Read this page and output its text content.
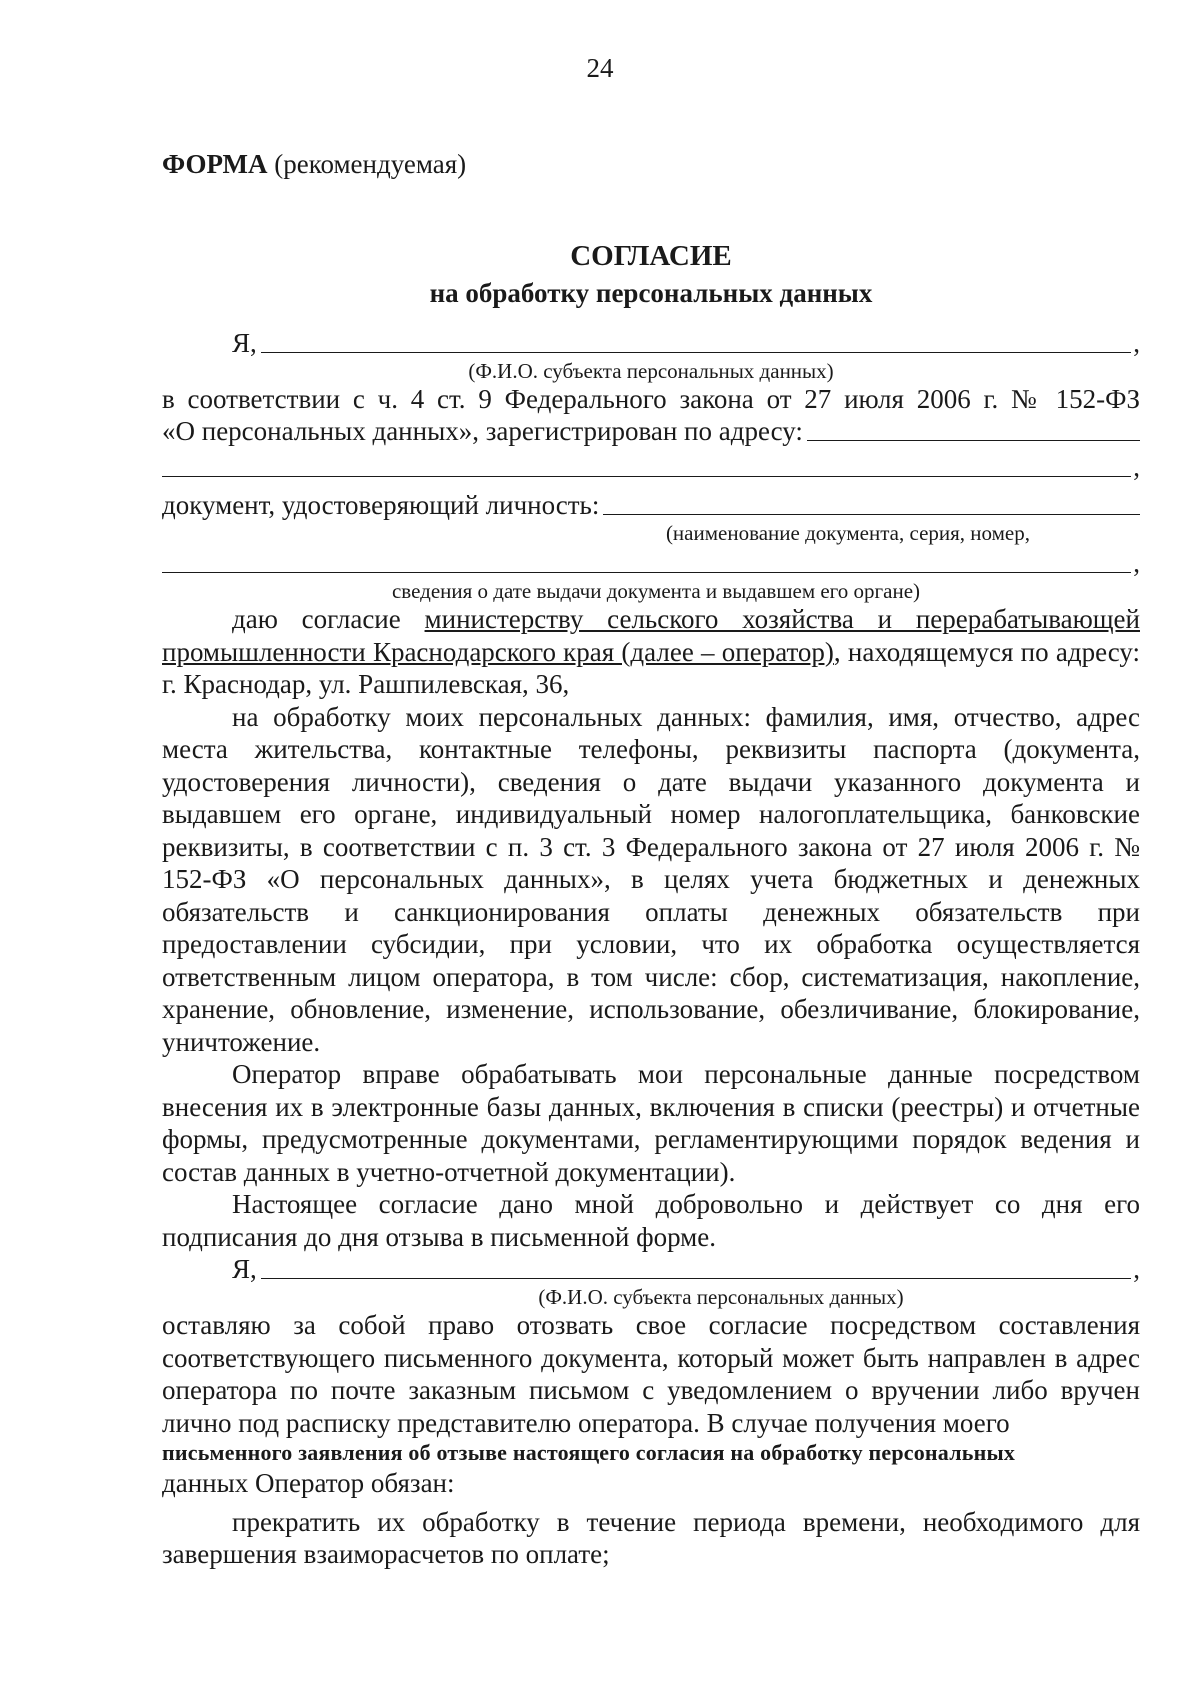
24
ФОРМА (рекомендуемая)
СОГЛАСИЕ
на обработку персональных данных
Я,	,
(Ф.И.О. субъекта персональных данных)
в соответствии с ч. 4 ст. 9 Федерального закона от 27 июля 2006 г. № 152-ФЗ
«О персональных данных», зарегистрирован по адресу:
,
документ, удостоверяющий личность:
(наименование документа, серия, номер,
,
сведения о дате выдачи документа и выдавшем его органе)
даю согласие министерству сельского хозяйства и перерабатывающей промышленности Краснодарского края (далее – оператор), находящемуся по адресу: г. Краснодар, ул. Рашпилевская, 36,
на обработку моих персональных данных: фамилия, имя, отчество, адрес места жительства, контактные телефоны, реквизиты паспорта (документа, удостоверения личности), сведения о дате выдачи указанного документа и выдавшем его органе, индивидуальный номер налогоплательщика, банковские реквизиты, в соответствии с п. 3 ст. 3 Федерального закона от 27 июля 2006 г. № 152-ФЗ «О персональных данных», в целях учета бюджетных и денежных обязательств и санкционирования оплаты денежных обязательств при предоставлении субсидии, при условии, что их обработка осуществляется ответственным лицом оператора, в том числе: сбор, систематизация, накопление, хранение, обновление, изменение, использование, обезличивание, блокирование, уничтожение.
Оператор вправе обрабатывать мои персональные данные посредством внесения их в электронные базы данных, включения в списки (реестры) и отчетные формы, предусмотренные документами, регламентирующими порядок ведения и состав данных в учетно-отчетной документации).
Настоящее согласие дано мной добровольно и действует со дня его подписания до дня отзыва в письменной форме.
Я,	,
(Ф.И.О. субъекта персональных данных)
оставляю за собой право отозвать свое согласие посредством составления соответствующего письменного документа, который может быть направлен в адрес оператора по почте заказным письмом с уведомлением о вручении либо вручен лично под расписку представителю оператора. В случае получения моего
письменного заявления об отзыве настоящего согласия на обработку персональных
данных Оператор обязан:
прекратить их обработку в течение периода времени, необходимого для завершения взаиморасчетов по оплате;
